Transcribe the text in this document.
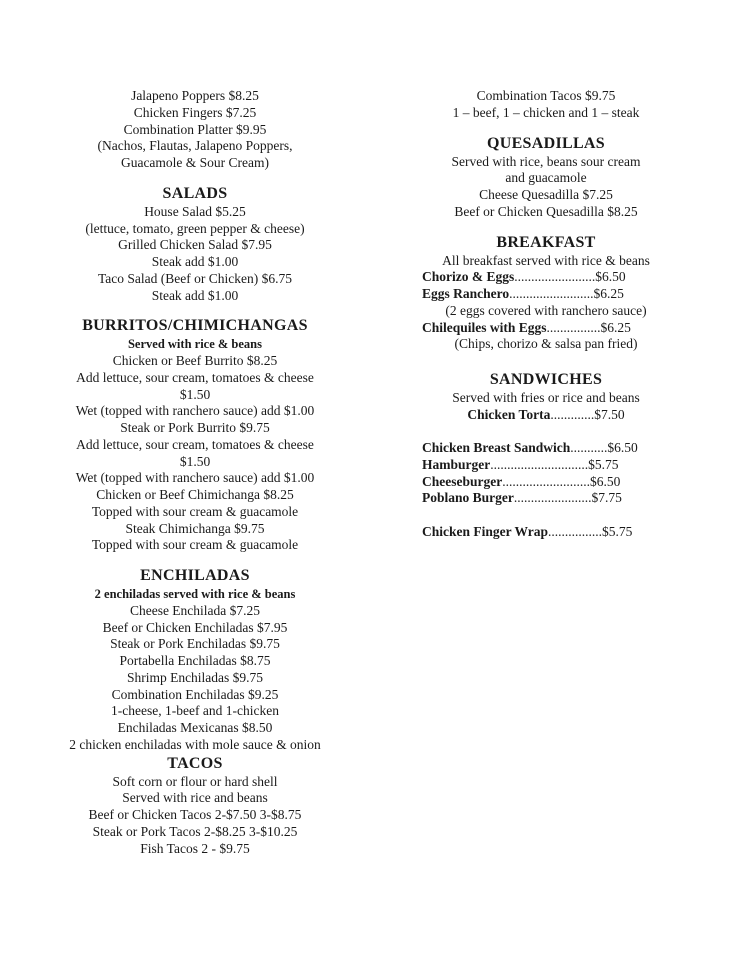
Jalapeno Poppers $8.25
Chicken Fingers $7.25
Combination Platter $9.95
(Nachos, Flautas, Jalapeno Poppers,
Guacamole & Sour Cream)
SALADS
House Salad $5.25
(lettuce, tomato, green pepper & cheese)
Grilled Chicken Salad $7.95
Steak add $1.00
Taco Salad (Beef or Chicken) $6.75
Steak add $1.00
BURRITOS/CHIMICHANGAS
Served with rice & beans
Chicken or Beef Burrito $8.25
Add lettuce, sour cream, tomatoes & cheese
$1.50
Wet (topped with ranchero sauce) add $1.00
Steak or Pork Burrito $9.75
Add lettuce, sour cream, tomatoes & cheese
$1.50
Wet (topped with ranchero sauce) add $1.00
Chicken or Beef Chimichanga $8.25
Topped with sour cream & guacamole
Steak Chimichanga $9.75
Topped with sour cream & guacamole
ENCHILADAS
2 enchiladas served with rice & beans
Cheese Enchilada $7.25
Beef or Chicken Enchiladas $7.95
Steak or Pork Enchiladas $9.75
Portabella Enchiladas $8.75
Shrimp Enchiladas $9.75
Combination Enchiladas $9.25
1-cheese, 1-beef and 1-chicken
Enchiladas Mexicanas $8.50
2 chicken enchiladas with mole sauce & onion
TACOS
Soft corn or flour or hard shell
Served with rice and beans
Beef or Chicken Tacos 2-$7.50 3-$8.75
Steak or Pork Tacos 2-$8.25 3-$10.25
Fish Tacos 2 - $9.75
Combination Tacos $9.75
1 – beef, 1 – chicken and 1 – steak
QUESADILLAS
Served with rice, beans sour cream
and guacamole
Cheese Quesadilla $7.25
Beef or Chicken Quesadilla $8.25
BREAKFAST
All breakfast served with rice & beans
Chorizo & Eggs........................$6.50
Eggs Ranchero.........................$6.25
(2 eggs covered with ranchero sauce)
Chilequiles with Eggs................$6.25
(Chips, chorizo & salsa pan fried)
SANDWICHES
Served with fries or rice and beans
Chicken Torta.............$7.50
Chicken Breast Sandwich...........$6.50
Hamburger.............................$5.75
Cheeseburger..........................$6.50
Poblano Burger.......................$7.75
Chicken Finger Wrap................$5.75
